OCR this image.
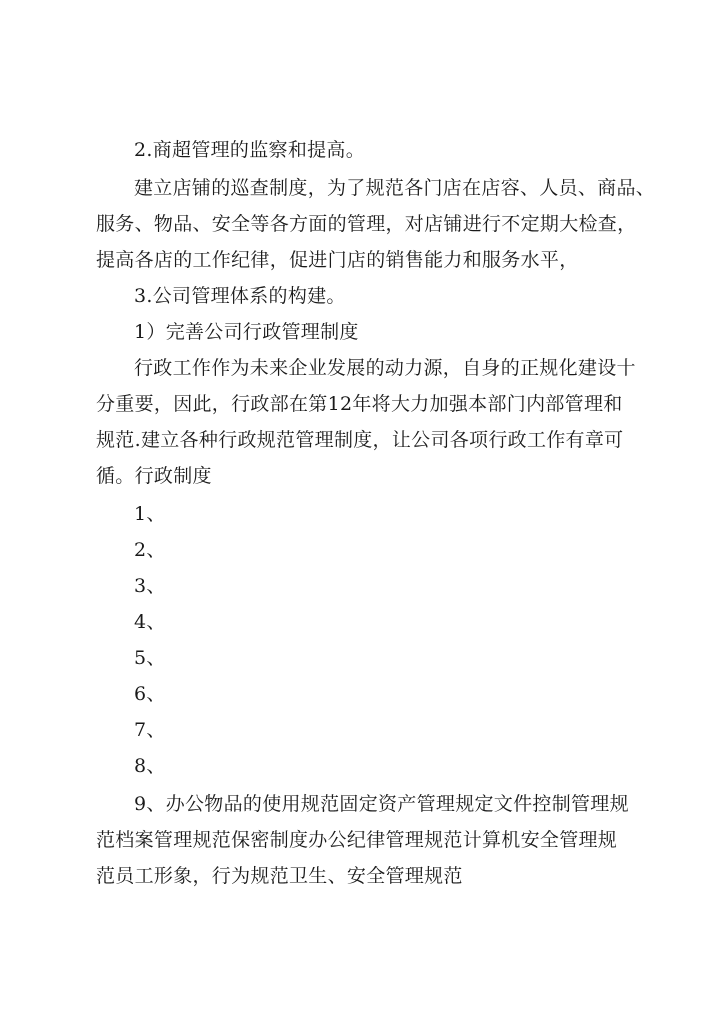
2.商超管理的监察和提高。
建立店铺的巡查制度，为了规范各门店在店容、人员、商品、
服务、物品、安全等各方面的管理，对店铺进行不定期大检查，
提高各店的工作纪律，促进门店的销售能力和服务水平，
3.公司管理体系的构建。
1）完善公司行政管理制度
行政工作作为未来企业发展的动力源，自身的正规化建设十
分重要，因此，行政部在第12年将大力加强本部门内部管理和
规范.建立各种行政规范管理制度，让公司各项行政工作有章可
循。行政制度
1、
2、
3、
4、
5、
6、
7、
8、
9、办公物品的使用规范固定资产管理规定文件控制管理规
范档案管理规范保密制度办公纪律管理规范计算机安全管理规
范员工形象，行为规范卫生、安全管理规范
